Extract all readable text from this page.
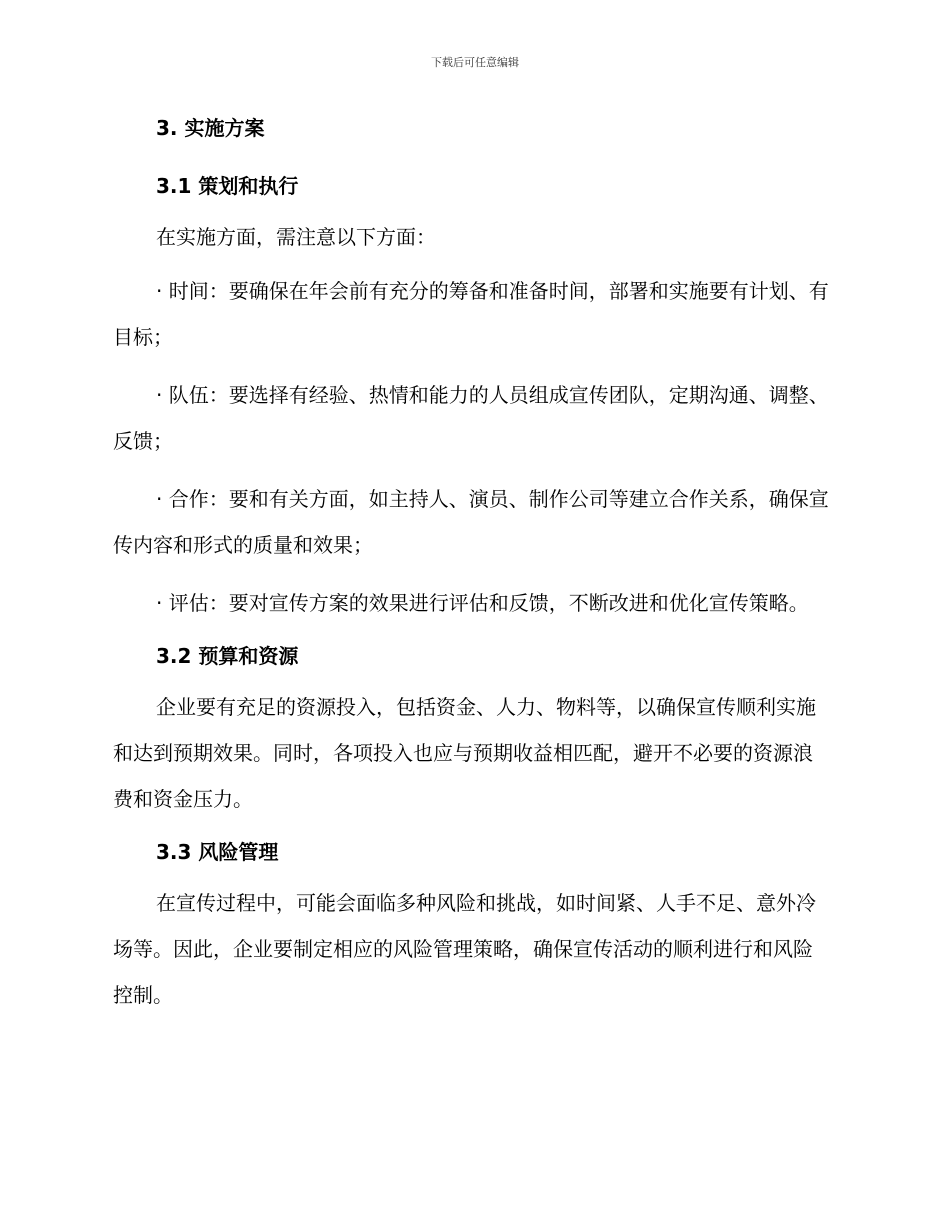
下载后可任意编辑
3. 实施方案
3.1 策划和执行

在实施方面，需注意以下方面：

· 时间：要确保在年会前有充分的筹备和准备时间，部署和实施要有计划、有目标；

· 队伍：要选择有经验、热情和能力的人员组成宣传团队，定期沟通、调整、反馈；

· 合作：要和有关方面，如主持人、演员、制作公司等建立合作关系，确保宣传内容和形式的质量和效果；

· 评估：要对宣传方案的效果进行评估和反馈，不断改进和优化宣传策略。

3.2 预算和资源

企业要有充足的资源投入，包括资金、人力、物料等，以确保宣传顺利实施和达到预期效果。同时，各项投入也应与预期收益相匹配，避开不必要的资源浪费和资金压力。

3.3 风险管理

在宣传过程中，可能会面临多种风险和挑战，如时间紧、人手不足、意外冷场等。因此，企业要制定相应的风险管理策略，确保宣传活动的顺利进行和风险控制。
